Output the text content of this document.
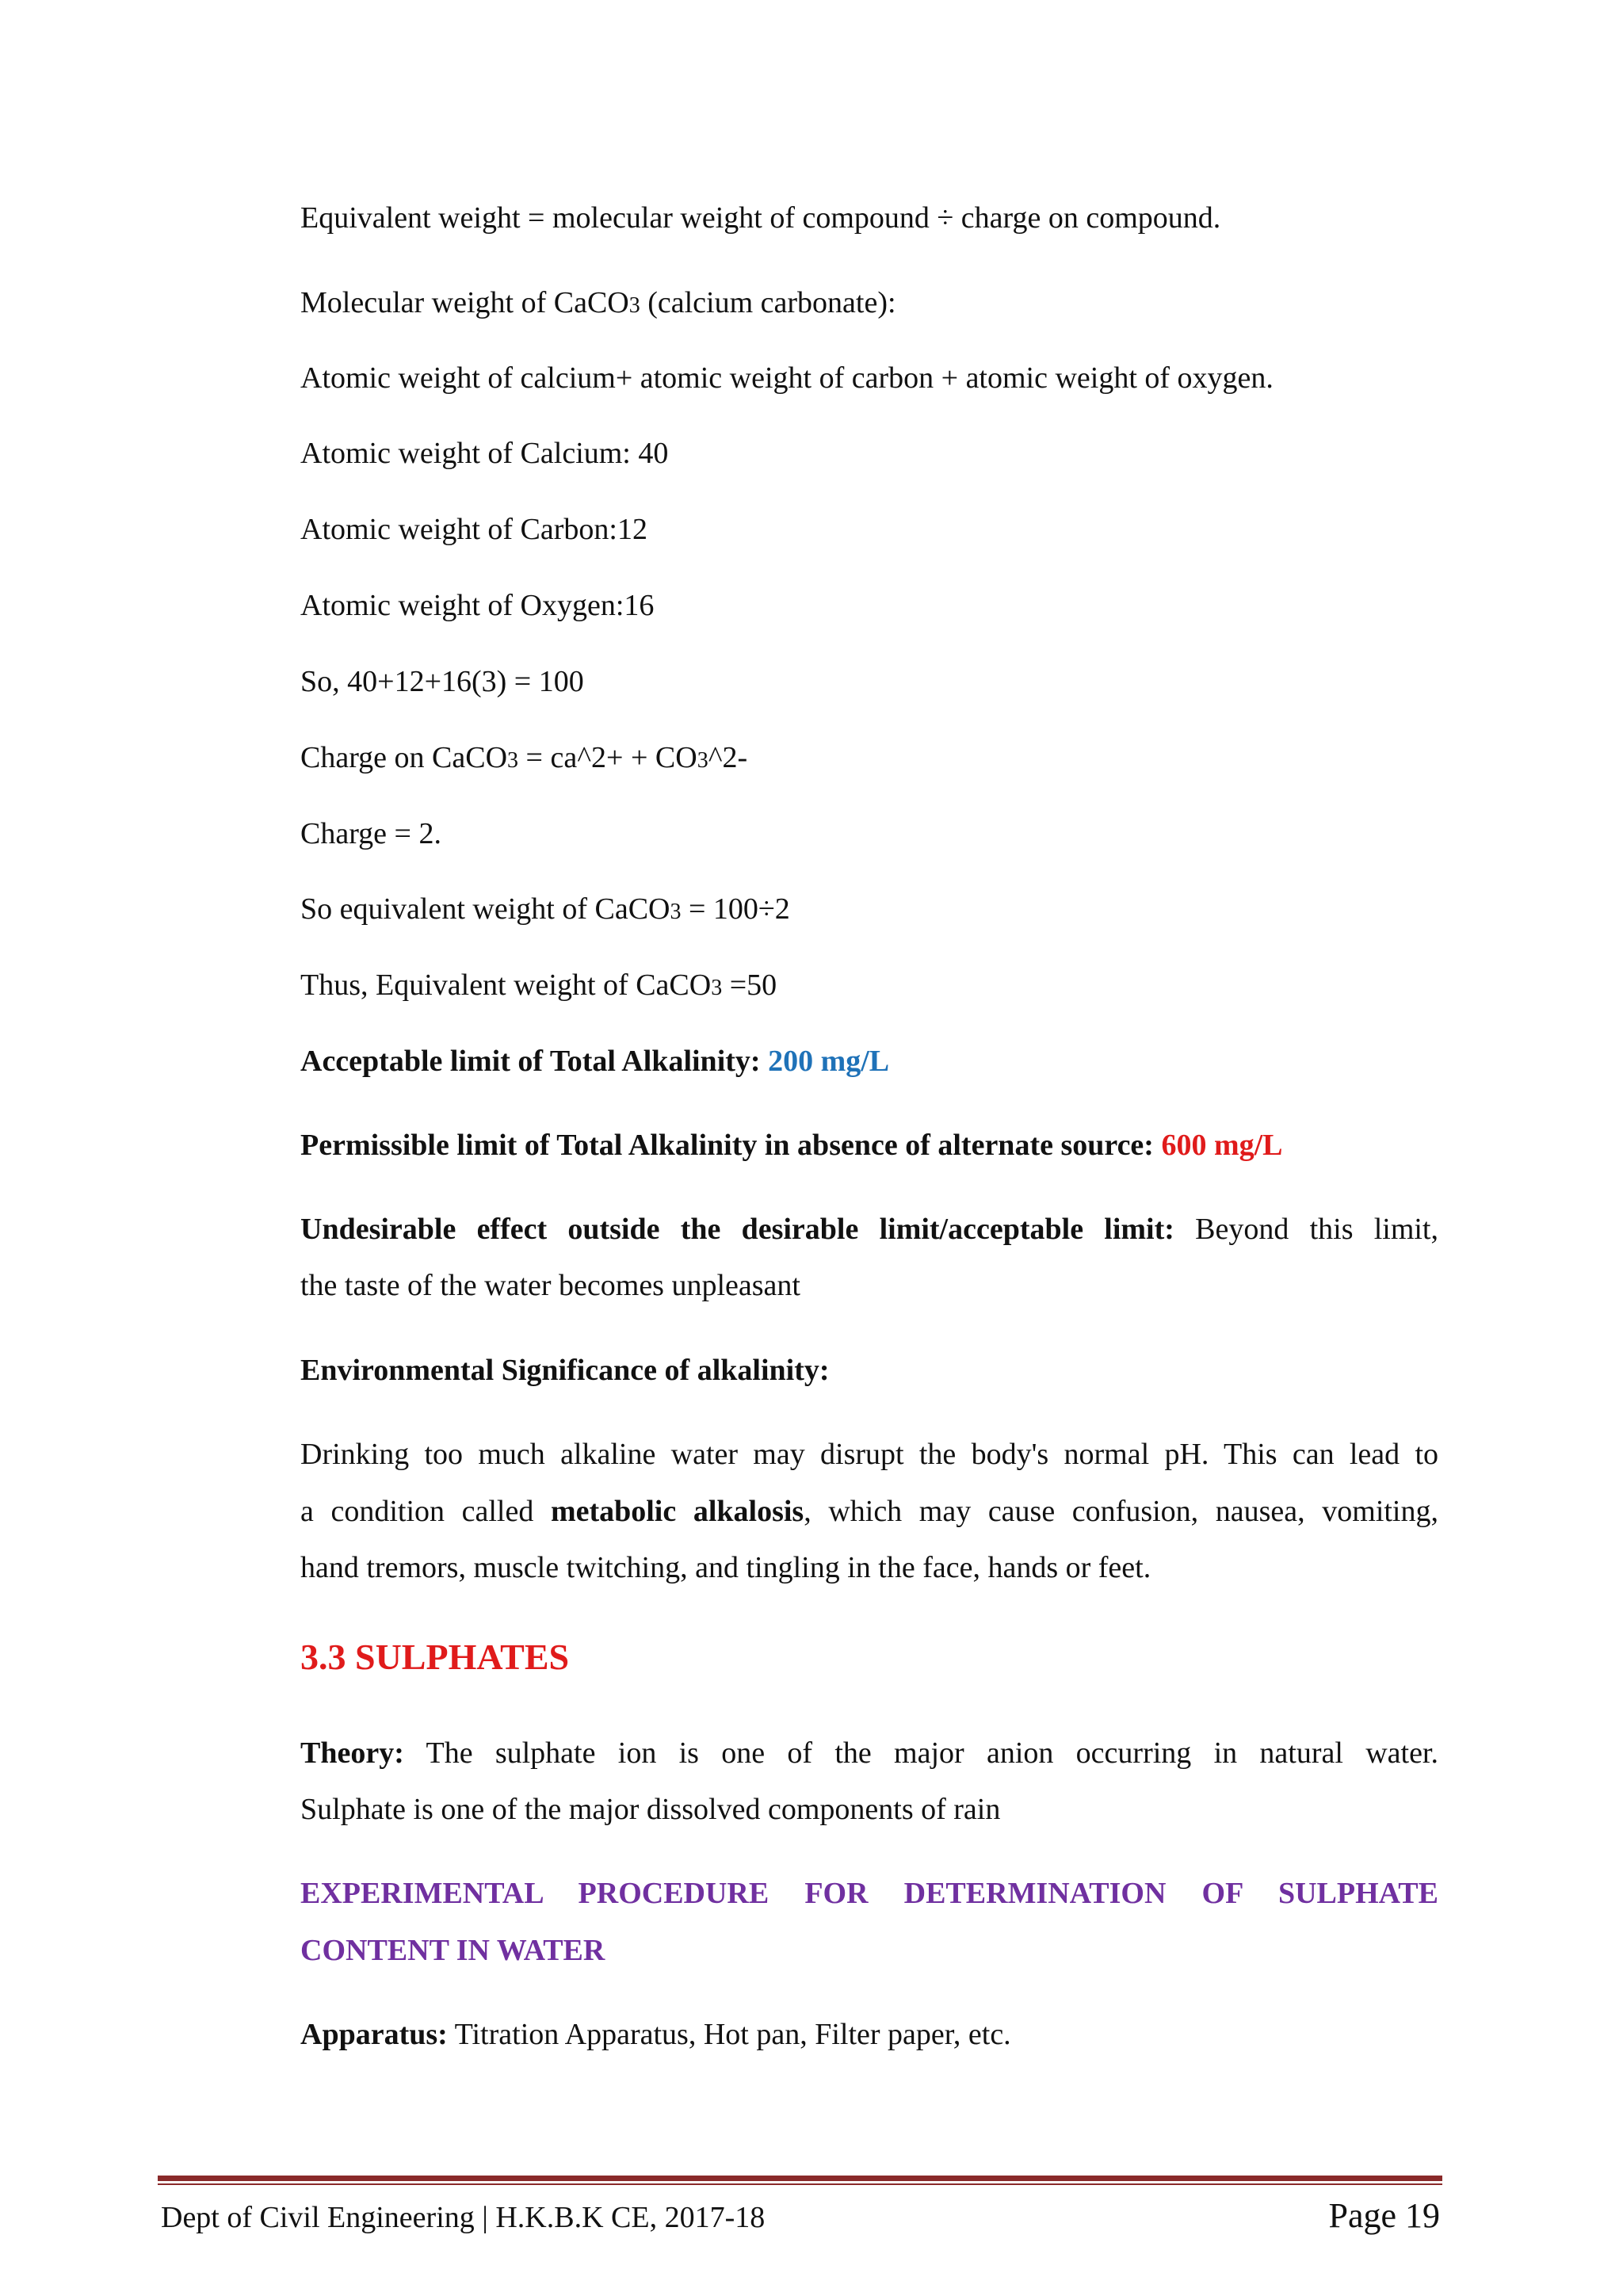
Equivalent weight = molecular weight of compound ÷ charge on compound.
Molecular weight of CaCO3 (calcium carbonate):
Atomic weight of calcium+ atomic weight of carbon + atomic weight of oxygen.
Atomic weight of Calcium: 40
Atomic weight of Carbon:12
Atomic weight of Oxygen:16
So, 40+12+16(3) = 100
Charge on CaCO3 = ca^2+ + CO3^2-
Charge = 2.
So equivalent weight of CaCO3 = 100÷2
Thus, Equivalent weight of CaCO3 =50
Acceptable limit of Total Alkalinity: 200 mg/L
Permissible limit of Total Alkalinity in absence of alternate source: 600 mg/L
Undesirable effect outside the desirable limit/acceptable limit: Beyond this limit,
the taste of the water becomes unpleasant
Environmental Significance of alkalinity:
Drinking too much alkaline water may disrupt the body's normal pH. This can lead to
a condition called metabolic alkalosis, which may cause confusion, nausea, vomiting,
hand tremors, muscle twitching, and tingling in the face, hands or feet.
3.3 SULPHATES
Theory: The sulphate ion is one of the major anion occurring in natural water.
Sulphate is one of the major dissolved components of rain
EXPERIMENTAL PROCEDURE FOR DETERMINATION OF SULPHATE
CONTENT IN WATER
Apparatus: Titration Apparatus, Hot pan, Filter paper, etc.
Dept of Civil Engineering | H.K.B.K CE, 2017-18	Page 19
